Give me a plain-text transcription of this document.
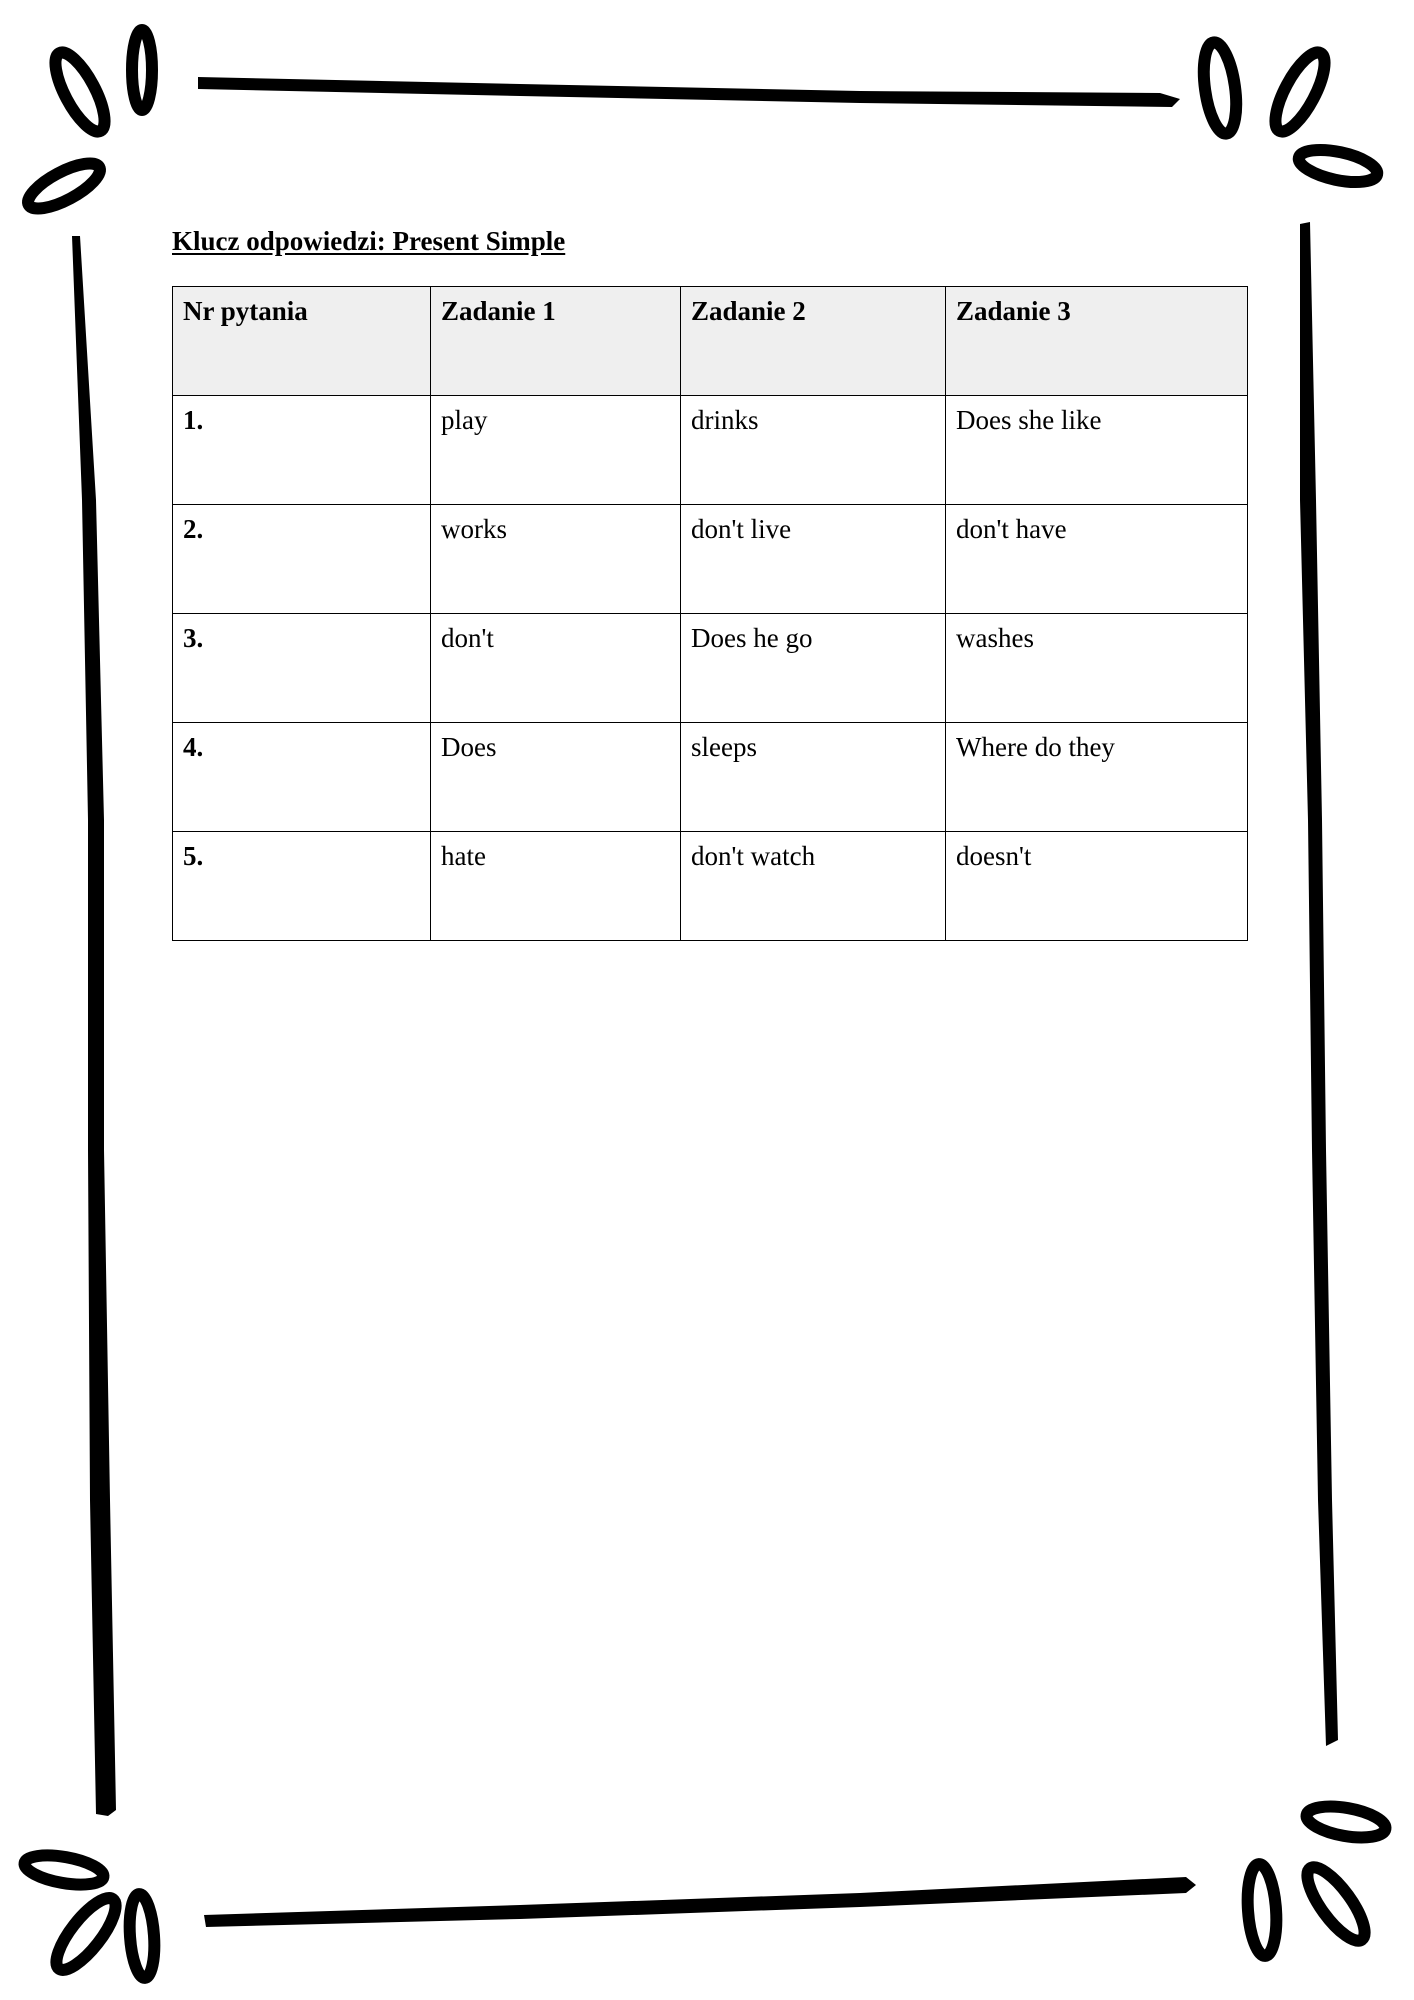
Klucz odpowiedzi: Present Simple
Nr pytania	Zadanie 1	Zadanie 2	Zadanie 3
1.	play	drinks	Does she like
2.	works	don't live	don't have
3.	don't	Does he go	washes
4.	Does	sleeps	Where do they
5.	hate	don't watch	doesn't
